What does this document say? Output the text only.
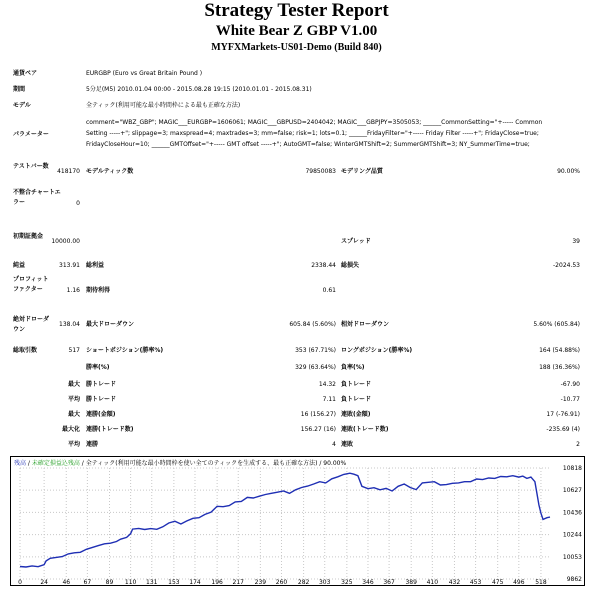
Strategy Tester Report
White Bear Z GBP V1.00
MYFXMarkets-US01-Demo (Build 840)
通貨ペア	EURGBP (Euro vs Great Britain Pound )
期間	5分足(M5) 2010.01.04 00:00 - 2015.08.28 19:15 (2010.01.01 - 2015.08.31)
モデル	全ティック(利用可能な最小時間枠による最も正確な方法)
パラメーター
comment="WBZ_GBP"; MAGIC___EURGBP=1606061; MAGIC___GBPUSD=2404042; MAGIC___GBPJPY=3505053; ______CommonSetting="+----- Common
Setting -----+"; slippage=3; maxspread=4; maxtrades=3; mm=false; risk=1; lots=0.1; ______FridayFilter="+----- Friday Filter -----+"; FridayClose=true;
FridayCloseHour=10; ______GMTOffset="+----- GMT offset -----+"; AutoGMT=false; WinterGMTShift=2; SummerGMTShift=3; NY_SummerTime=true;
テストバー数
418170 モデルティック数	79850083 モデリング品質	90.00%
不整合チャートエラー	0
初期証拠金
10000.00	スプレッド	39
純益	313.91 総利益	2338.44 総損失	-2024.53
プロフィットファクター	1.16 期待利得	0.61
絶対ドローダウン
138.04 最大ドローダウン	605.84 (5.60%) 相対ドローダウン	5.60% (605.84)
総取引数	517 ショートポジション(勝率%)	353 (67.71%) ロングポジション(勝率%)	164 (54.88%)
勝率(%)	329 (63.64%) 負率(%)	188 (36.36%)
最大 勝トレード	14.32 負トレード	-67.90
平均 勝トレード	7.11 負トレード	-10.77
最大 連勝(金額)	16 (156.27) 連敗(金額)	17 (-76.91)
最大化 連勝(トレード数)	156.27 (16) 連敗(トレード数)	-235.69 (4)
平均 連勝	4 連敗	2
0	24 46 67 89 110 131 153 174 196 217 239 260 282 303 325 346 367 389 410 432 453 475 496 518
10818
10627
10436
10244
10053
9862
残高 / 未確定損益込残高 / 全ティック(利用可能な最小時間枠を使い全てのティックを生成する、最も正確な方法) / 90.00%
